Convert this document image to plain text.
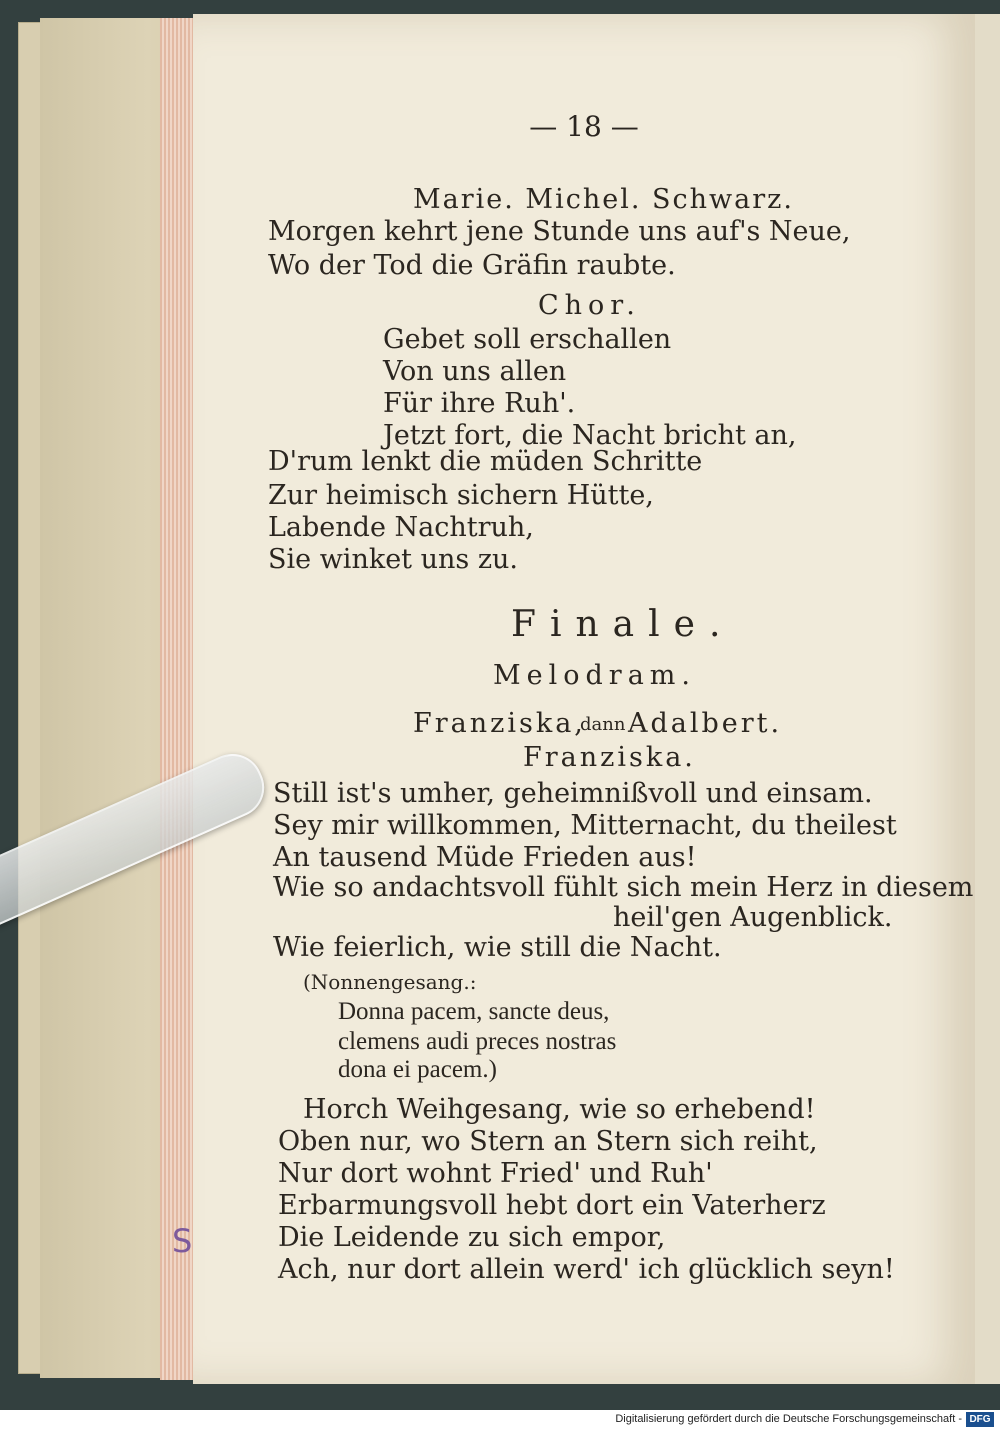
S
— 18 —
Marie. Michel. Schwarz.
Morgen kehrt jene Stunde uns auf's Neue,
Wo der Tod die Gräfin raubte.
Chor.
Gebet soll erschallen
Von uns allen
Für ihre Ruh'.
Jetzt fort, die Nacht bricht an,
D'rum lenkt die müden Schritte
Zur heimisch sichern Hütte,
Labende Nachtruh,
Sie winket uns zu.
Finale.
Melodram.
Franziska,
dann Adalbert.
Franziska.
Still ist's umher, geheimnißvoll und einsam.
Sey mir willkommen, Mitternacht, du theilest
An tausend Müde Frieden aus!
Wie so andachtsvoll fühlt sich mein Herz in diesem
heil'gen Augenblick.
Wie feierlich, wie still die Nacht.
(Nonnengesang.:
Donna pacem, sancte deus,
clemens audi preces nostras
dona ei pacem.)
Horch Weihgesang, wie so erhebend!
Oben nur, wo Stern an Stern sich reiht,
Nur dort wohnt Fried' und Ruh'
Erbarmungsvoll hebt dort ein Vaterherz
Die Leidende zu sich empor,
Ach, nur dort allein werd' ich glücklich seyn!
Digitalisierung gefördert durch die Deutsche Forschungsgemeinschaft - DFG
